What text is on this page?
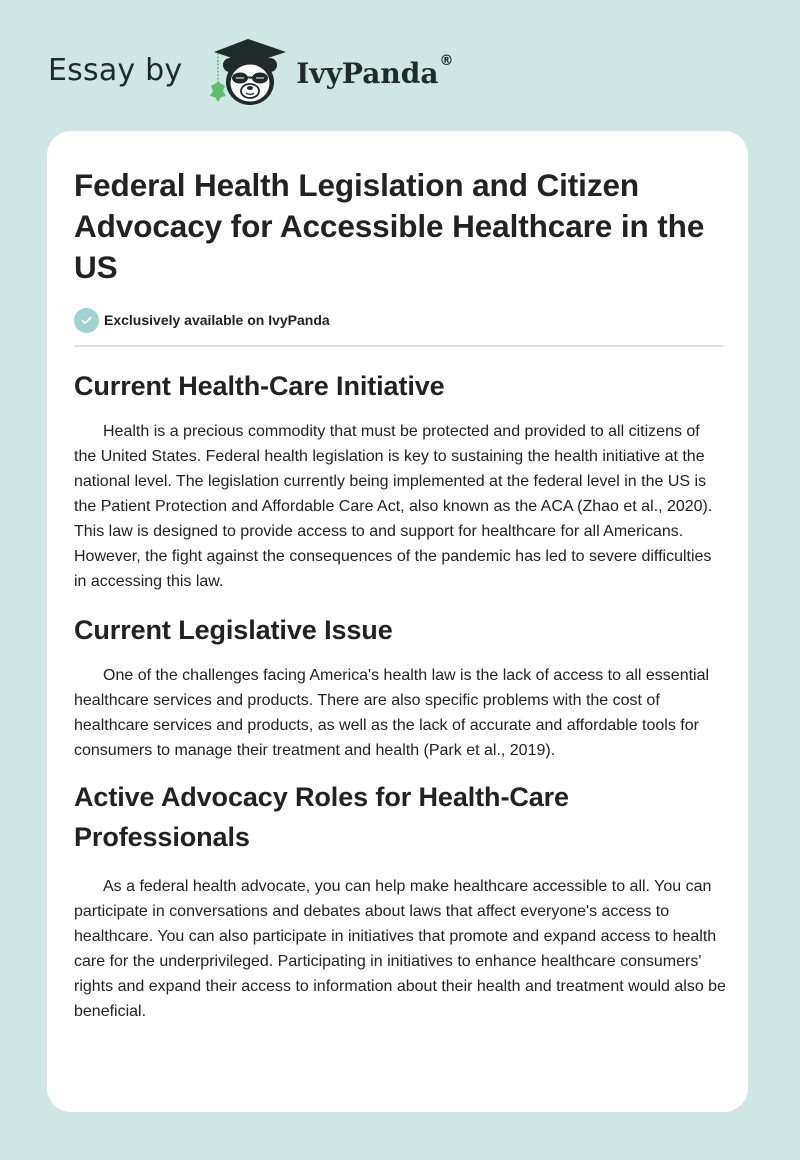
Essay by	IvyPanda®
Federal Health Legislation and Citizen Advocacy for Accessible Healthcare in the US
Exclusively available on IvyPanda
Current Health-Care Initiative

Health is a precious commodity that must be protected and provided to all citizens of the United States. Federal health legislation is key to sustaining the health initiative at the national level. The legislation currently being implemented at the federal level in the US is the Patient Protection and Affordable Care Act, also known as the ACA (Zhao et al., 2020). This law is designed to provide access to and support for healthcare for all Americans. However, the fight against the consequences of the pandemic has led to severe difficulties in accessing this law.

Current Legislative Issue

One of the challenges facing America's health law is the lack of access to all essential healthcare services and products. There are also specific problems with the cost of healthcare services and products, as well as the lack of accurate and affordable tools for consumers to manage their treatment and health (Park et al., 2019).

Active Advocacy Roles for Health-Care Professionals

As a federal health advocate, you can help make healthcare accessible to all. You can participate in conversations and debates about laws that affect everyone's access to healthcare. You can also participate in initiatives that promote and expand access to health care for the underprivileged. Participating in initiatives to enhance healthcare consumers' rights and expand their access to information about their health and treatment would also be beneficial.
